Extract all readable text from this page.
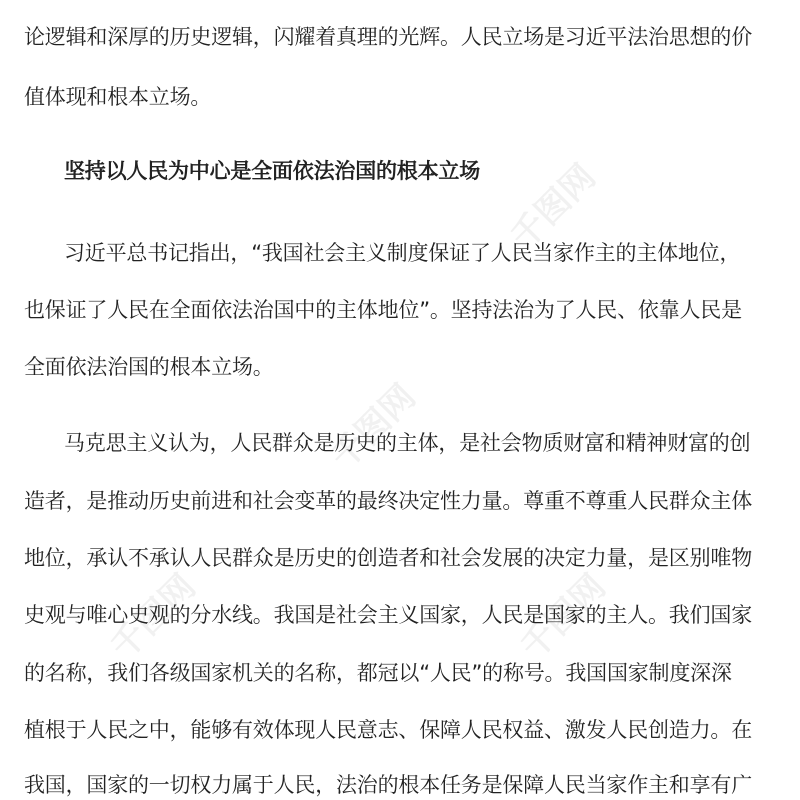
千图网
千图网
千图网	千图网
论逻辑和深厚的历史逻辑，闪耀着真理的光辉。人民立场是习近平法治思想的价
值体现和根本立场。
坚持以人民为中心是全面依法治国的根本立场
习近平总书记指出，“我国社会主义制度保证了人民当家作主的主体地位，
也保证了人民在全面依法治国中的主体地位”。坚持法治为了人民、依靠人民是
全面依法治国的根本立场。
马克思主义认为，人民群众是历史的主体，是社会物质财富和精神财富的创
造者，是推动历史前进和社会变革的最终决定性力量。尊重不尊重人民群众主体
地位，承认不承认人民群众是历史的创造者和社会发展的决定力量，是区别唯物
史观与唯心史观的分水线。我国是社会主义国家，人民是国家的主人。我们国家
的名称，我们各级国家机关的名称，都冠以“人民”的称号。我国国家制度深深
植根于人民之中，能够有效体现人民意志、保障人民权益、激发人民创造力。在
我国，国家的一切权力属于人民，法治的根本任务是保障人民当家作主和享有广
